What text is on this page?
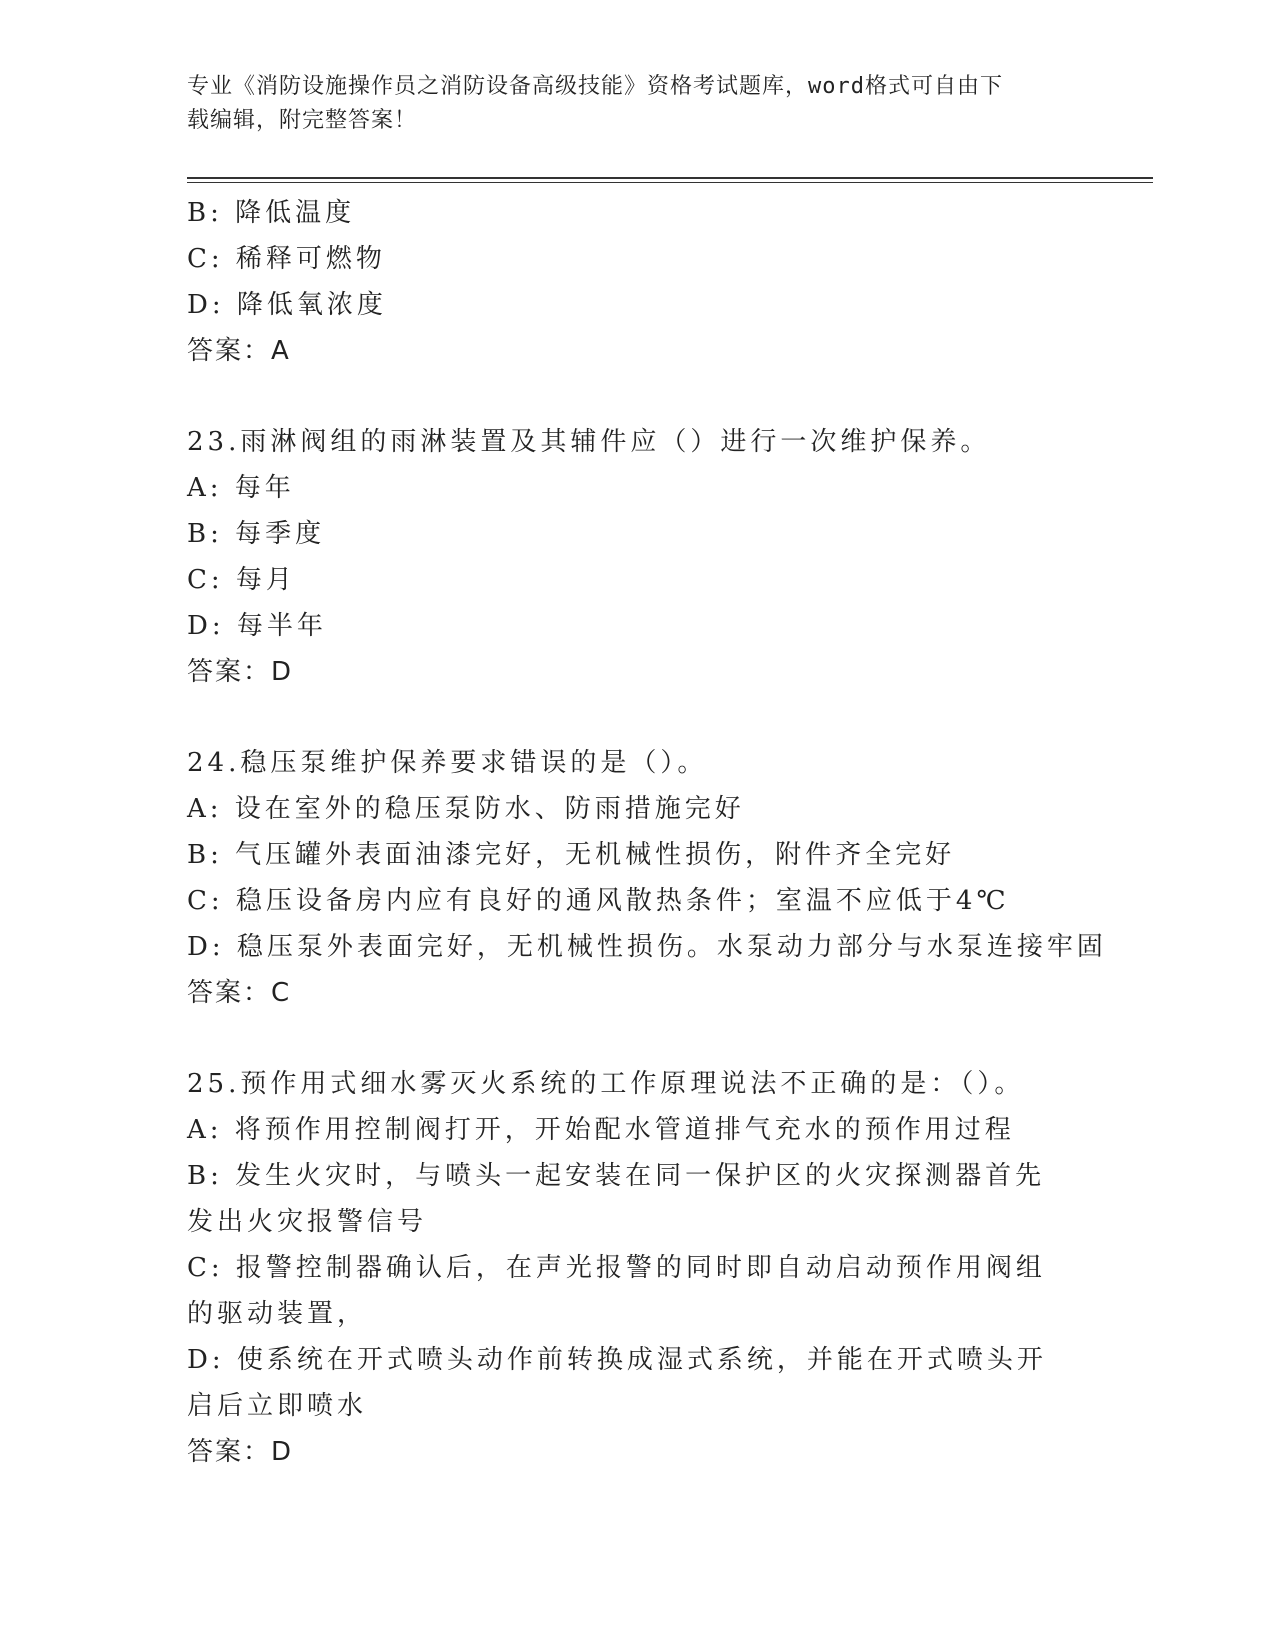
专业《消防设施操作员之消防设备高级技能》资格考试题库，word格式可自由下
载编辑，附完整答案！
B: 降低温度
C: 稀释可燃物
D: 降低氧浓度
答案：A
23.雨淋阀组的雨淋装置及其辅件应（）进行一次维护保养。
A: 每年
B: 每季度
C: 每月
D: 每半年
答案：D
24.稳压泵维护保养要求错误的是（）。
A: 设在室外的稳压泵防水、防雨措施完好
B: 气压罐外表面油漆完好，无机械性损伤，附件齐全完好
C: 稳压设备房内应有良好的通风散热条件；室温不应低于4℃
D: 稳压泵外表面完好，无机械性损伤。水泵动力部分与水泵连接牢固
答案：C
25.预作用式细水雾灭火系统的工作原理说法不正确的是：（）。
A: 将预作用控制阀打开，开始配水管道排气充水的预作用过程
B: 发生火灾时，与喷头一起安装在同一保护区的火灾探测器首先发出火灾报警信号
C: 报警控制器确认后，在声光报警的同时即自动启动预作用阀组的驱动装置，
D: 使系统在开式喷头动作前转换成湿式系统，并能在开式喷头开启后立即喷水
答案：D
